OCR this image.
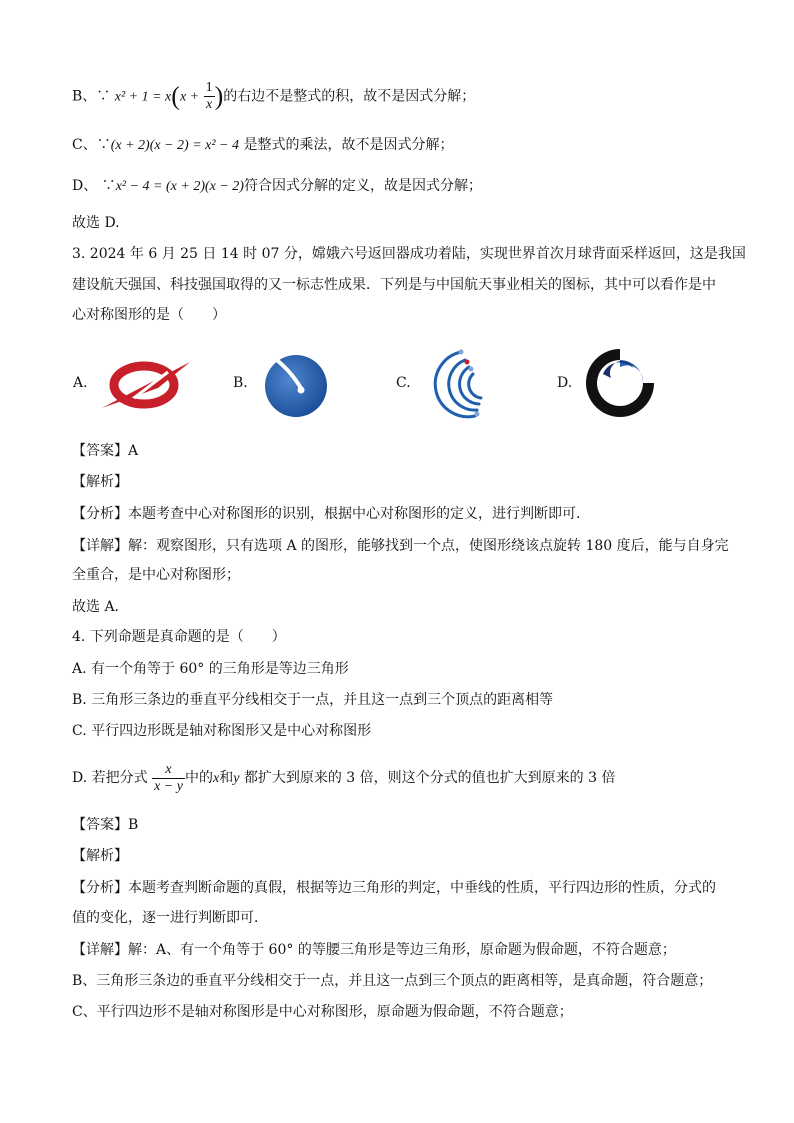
B、∵ $x^2 + 1 = x(x + \frac{1}{x}$ )的右边不是整式的积，故不是因式分解；
C、∵(x + 2)(x − 2) = x² − 4 是整式的乘法，故不是因式分解；
D、 ∵x² − 4 = (x + 2)(x − 2)符合因式分解的定义，故是因式分解；
故选 D.
3. 2024 年 6 月 25 日 14 时 07 分，嫦娥六号返回器成功着陆，实现世界首次月球背面采样返回，这是我国
建设航天强国、科技强国取得的又一标志性成果．下列是与中国航天事业相关的图标，其中可以看作是中
心对称图形的是（　　）
A.	B.	C.	D.
【答案】A
【解析】
【分析】本题考查中心对称图形的识别，根据中心对称图形的定义，进行判断即可.
【详解】解：观察图形，只有选项 A 的图形，能够找到一个点，使图形绕该点旋转 180 度后，能与自身完
全重合，是中心对称图形；
故选 A．
4. 下列命题是真命题的是（　　）
A. 有一个角等于 60° 的三角形是等边三角形
B. 三角形三条边的垂直平分线相交于一点，并且这一点到三个顶点的距离相等
C. 平行四边形既是轴对称图形又是中心对称图形
D. 若把分式 $\frac{x}{x - y}$ 中的x和y 都扩大到原来的 3 倍，则这个分式的值也扩大到原来的 3 倍
【答案】B
【解析】
【分析】本题考查判断命题的真假，根据等边三角形的判定，中垂线的性质，平行四边形的性质，分式的
值的变化，逐一进行判断即可．
【详解】解：A、有一个角等于 60° 的等腰三角形是等边三角形，原命题为假命题，不符合题意；
B、三角形三条边的垂直平分线相交于一点，并且这一点到三个顶点的距离相等，是真命题，符合题意；
C、平行四边形不是轴对称图形是中心对称图形，原命题为假命题，不符合题意；
